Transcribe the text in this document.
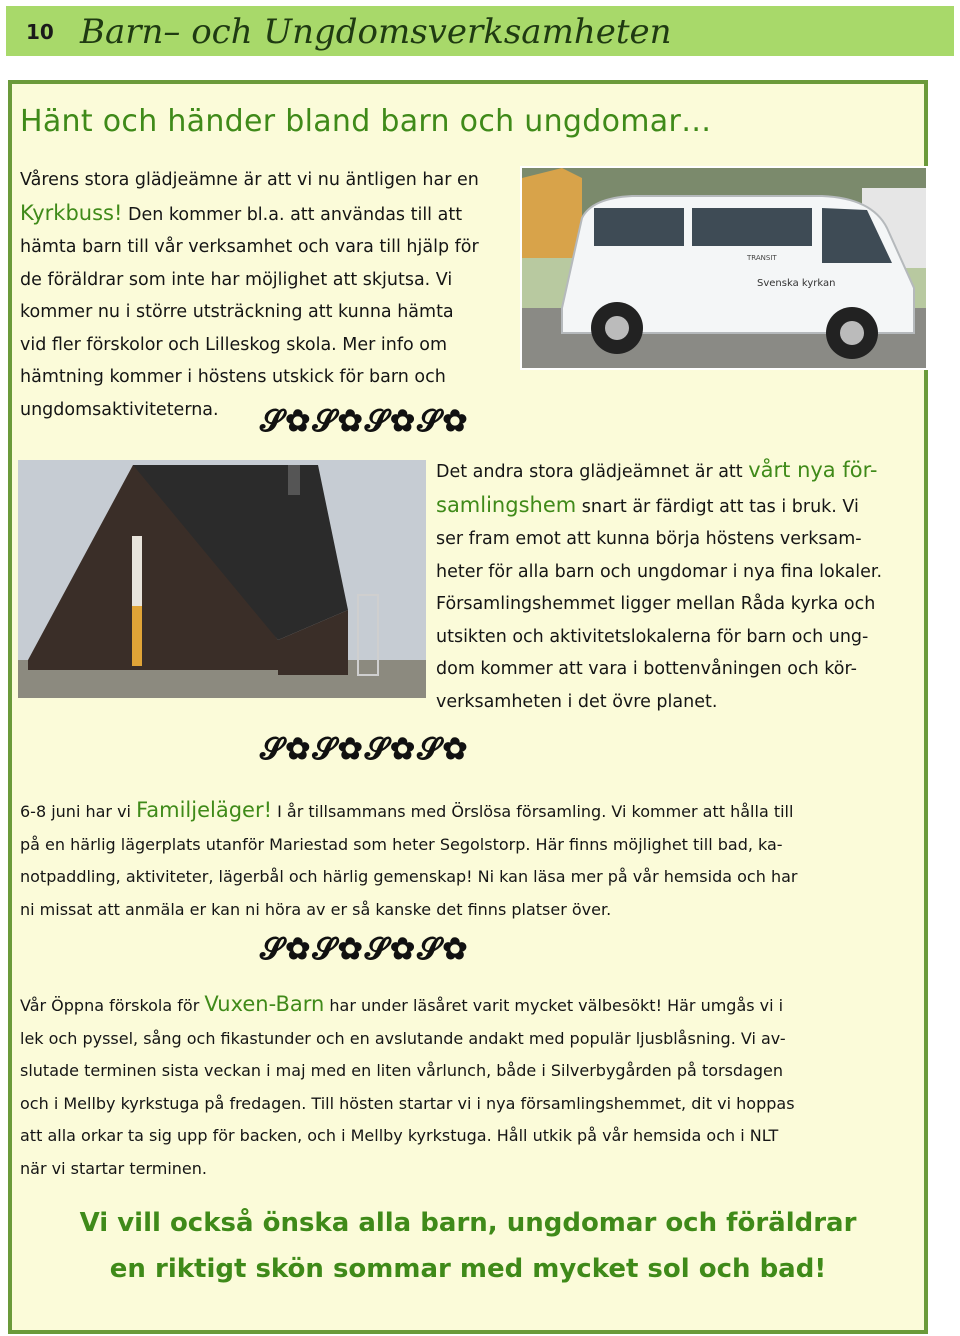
10 Barn– och Ungdomsverksamheten
Hänt och händer bland barn och ungdomar…
Vårens stora glädjeämne är att vi nu äntligen har en
Kyrkbuss! Den kommer bl.a. att användas till att
hämta barn till vår verksamhet och vara till hjälp för
de föräldrar som inte har möjlighet att skjutsa. Vi
kommer nu i större utsträckning att kunna hämta
vid fler förskolor och Lilleskog skola. Mer info om
hämtning kommer i höstens utskick för barn och
ungdomsaktiviteterna.
Svenska kyrkan
TRANSIT
𝓢✿𝓢✿𝓢✿𝓢✿
Det andra stora glädjeämnet är att vårt nya för-
samlingshem snart är färdigt att tas i bruk. Vi
ser fram emot att kunna börja höstens verksam-
heter för alla barn och ungdomar i nya fina lokaler.
Församlingshemmet ligger mellan Råda kyrka och
utsikten och aktivitetslokalerna för barn och ung-
dom kommer att vara i bottenvåningen och kör-
verksamheten i det övre planet.
𝓢✿𝓢✿𝓢✿𝓢✿
6-8 juni har vi Familjeläger! I år tillsammans med Örslösa församling. Vi kommer att hålla till
på en härlig lägerplats utanför Mariestad som heter Segolstorp. Här finns möjlighet till bad, ka-
notpaddling, aktiviteter, lägerbål och härlig gemenskap! Ni kan läsa mer på vår hemsida och har
ni missat att anmäla er kan ni höra av er så kanske det finns platser över.
𝓢✿𝓢✿𝓢✿𝓢✿
Vår Öppna förskola för Vuxen-Barn har under läsåret varit mycket välbesökt! Här umgås vi i
lek och pyssel, sång och fikastunder och en avslutande andakt med populär ljusblåsning. Vi av-
slutade terminen sista veckan i maj med en liten vårlunch, både i Silverbygården på torsdagen
och i Mellby kyrkstuga på fredagen. Till hösten startar vi i nya församlingshemmet, dit vi hoppas
att alla orkar ta sig upp för backen, och i Mellby kyrkstuga. Håll utkik på vår hemsida och i NLT
när vi startar terminen.
Vi vill också önska alla barn, ungdomar och föräldrar
en riktigt skön sommar med mycket sol och bad!
